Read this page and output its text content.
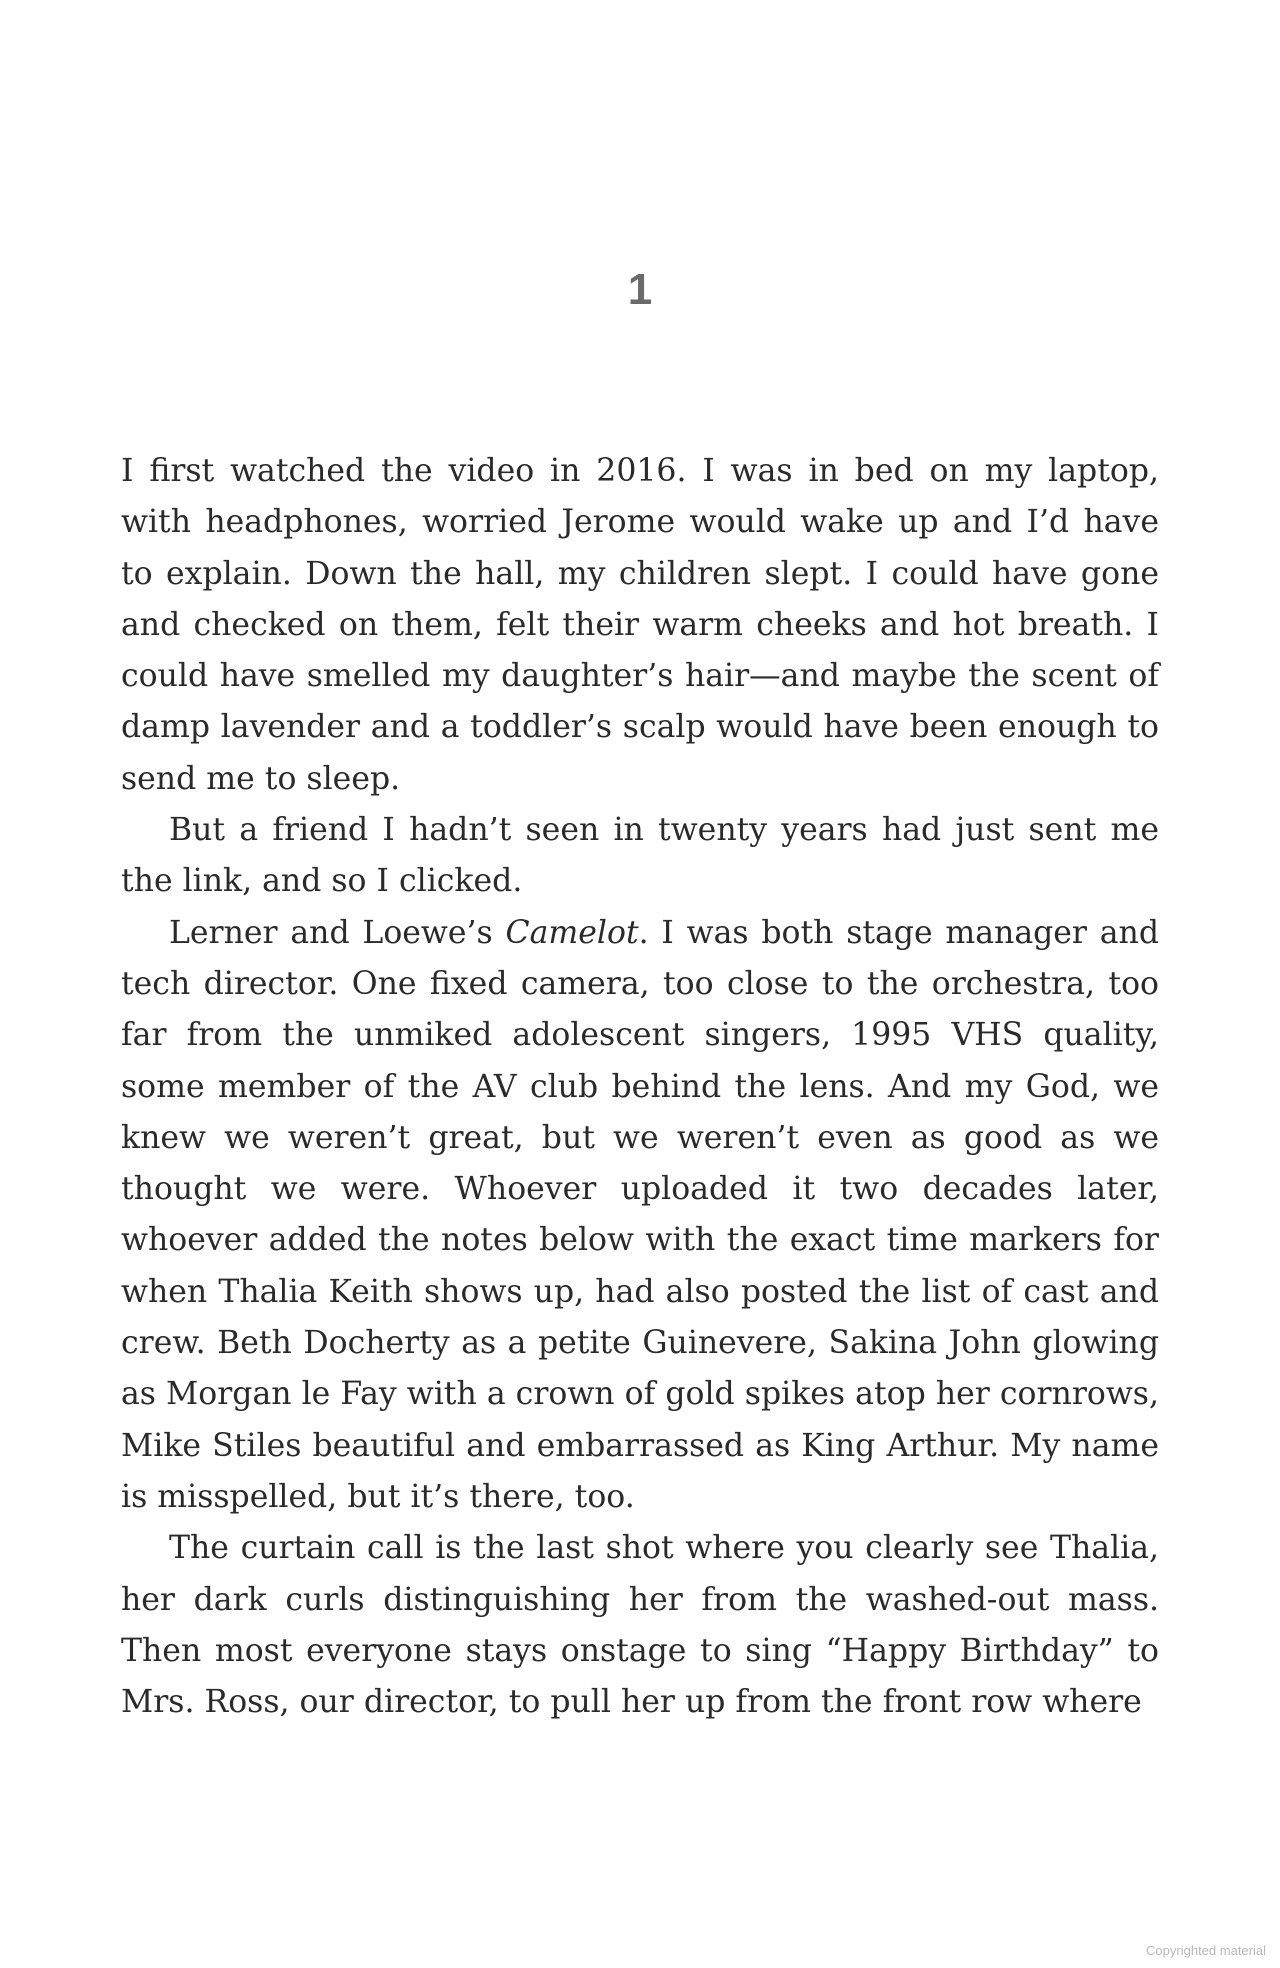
1

I first watched the video in 2016. I was in bed on my laptop, with headphones, worried Jerome would wake up and I’d have to explain. Down the hall, my children slept. I could have gone and checked on them, felt their warm cheeks and hot breath. I could have smelled my daughter’s hair—and maybe the scent of damp lavender and a toddler’s scalp would have been enough to send me to sleep.

But a friend I hadn’t seen in twenty years had just sent me the link, and so I clicked.

Lerner and Loewe’s Camelot. I was both stage manager and tech director. One fixed camera, too close to the orchestra, too far from the unmiked adolescent singers, 1995 VHS quality, some member of the AV club behind the lens. And my God, we knew we weren’t great, but we weren’t even as good as we thought we were. Whoever uploaded it two decades later, whoever added the notes below with the exact time markers for when Thalia Keith shows up, had also posted the list of cast and crew. Beth Docherty as a petite Guinevere, Sakina John glowing as Morgan le Fay with a crown of gold spikes atop her cornrows, Mike Stiles beautiful and embarrassed as King Arthur. My name is misspelled, but it’s there, too.

The curtain call is the last shot where you clearly see Thalia, her dark curls distinguishing her from the washed-out mass. Then most everyone stays onstage to sing “Happy Birthday” to Mrs. Ross, our director, to pull her up from the front row where

Copyrighted material
